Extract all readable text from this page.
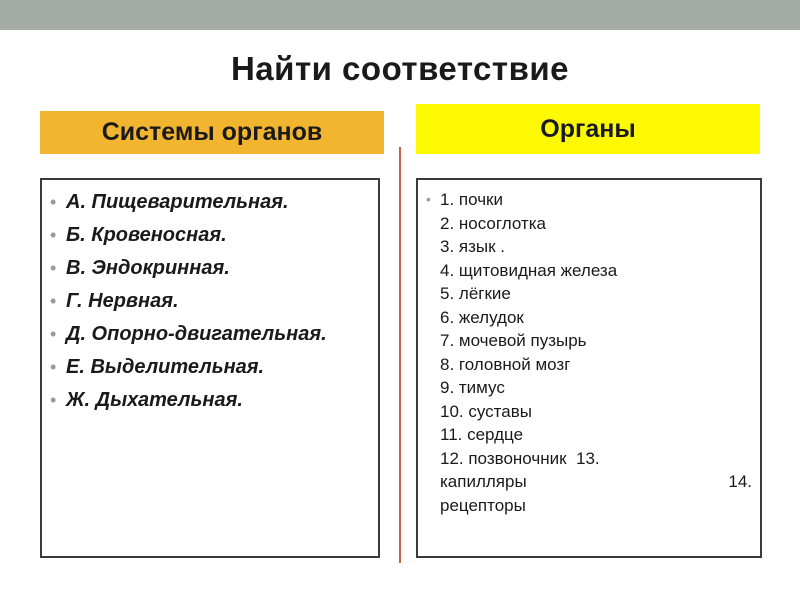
Найти соответствие
Системы органов	Органы
• А. Пищеварительная.
• Б. Кровеносная.
• В. Эндокринная.
• Г. Нервная.
• Д. Опорно-двигательная.
• Е. Выделительная.
• Ж. Дыхательная.
• 1. почки
2. носоглотка
3. язык .
4. щитовидная железа
5. лёгкие
6. желудок
7. мочевой пузырь
8. головной мозг
9. тимус
10. суставы
11. сердце
12. позвоночник 13.
капилляры	14.
рецепторы
